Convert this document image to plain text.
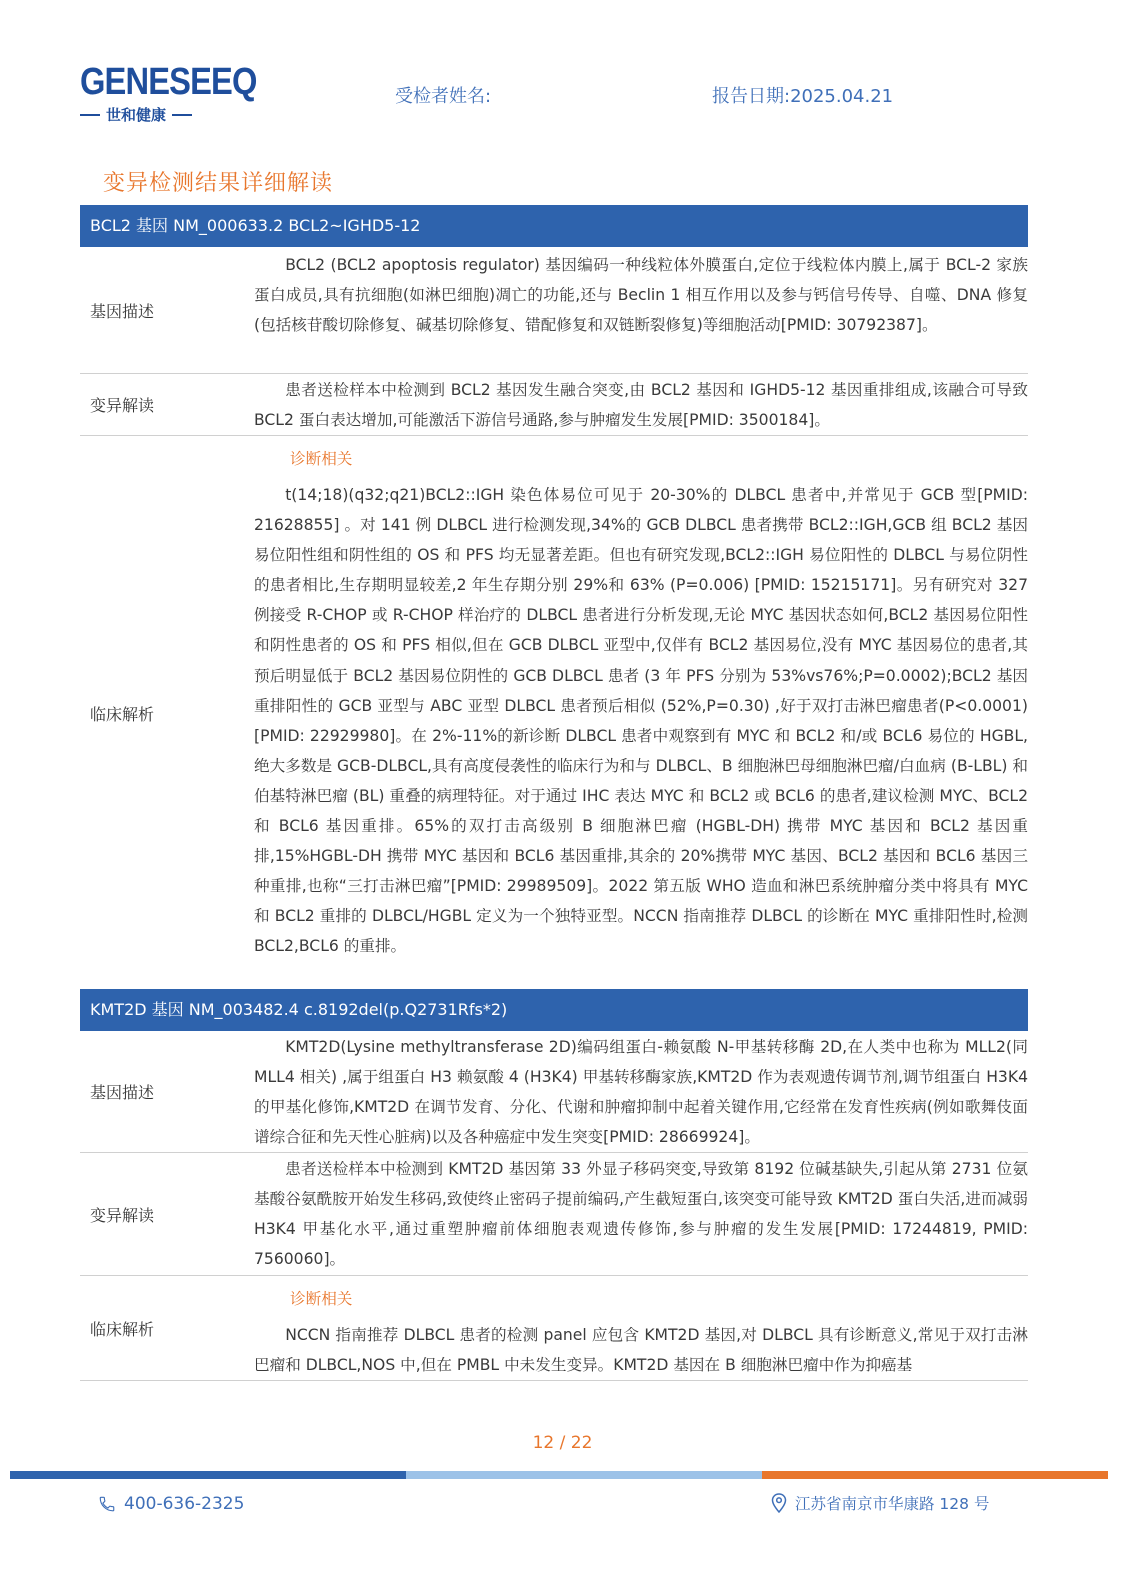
GENESEEQ
世和健康
受检者姓名:	报告日期:2025.04.21
变异检测结果详细解读
BCL2 基因 NM_000633.2 BCL2~IGHD5-12
基因描述

BCL2 (BCL2 apoptosis regulator) 基因编码一种线粒体外膜蛋白,定位于线粒体内膜上,属于 BCL-2 家族蛋白成员,具有抗细胞(如淋巴细胞)凋亡的功能,还与 Beclin 1 相互作用以及参与钙信号传导、自噬、DNA 修复(包括核苷酸切除修复、碱基切除修复、错配修复和双链断裂修复)等细胞活动[PMID: 30792387]。

变异解读

患者送检样本中检测到 BCL2 基因发生融合突变,由 BCL2 基因和 IGHD5-12 基因重排组成,该融合可导致 BCL2 蛋白表达增加,可能激活下游信号通路,参与肿瘤发生发展[PMID: 3500184]。

临床解析
诊断相关

t(14;18)(q32;q21)BCL2::IGH 染色体易位可见于 20-30%的 DLBCL 患者中,并常见于 GCB 型[PMID: 21628855] 。对 141 例 DLBCL 进行检测发现,34%的 GCB DLBCL 患者携带 BCL2::IGH,GCB 组 BCL2 基因易位阳性组和阴性组的 OS 和 PFS 均无显著差距。但也有研究发现,BCL2::IGH 易位阳性的 DLBCL 与易位阴性的患者相比,生存期明显较差,2 年生存期分别 29%和 63% (P=0.006) [PMID: 15215171]。另有研究对 327 例接受 R-CHOP 或 R-CHOP 样治疗的 DLBCL 患者进行分析发现,无论 MYC 基因状态如何,BCL2 基因易位阳性和阴性患者的 OS 和 PFS 相似,但在 GCB DLBCL 亚型中,仅伴有 BCL2 基因易位,没有 MYC 基因易位的患者,其预后明显低于 BCL2 基因易位阴性的 GCB DLBCL 患者 (3 年 PFS 分别为 53%vs76%;P=0.0002);BCL2 基因重排阳性的 GCB 亚型与 ABC 亚型 DLBCL 患者预后相似 (52%,P=0.30) ,好于双打击淋巴瘤患者(P<0.0001)[PMID: 22929980]。在 2%-11%的新诊断 DLBCL 患者中观察到有 MYC 和 BCL2 和/或 BCL6 易位的 HGBL,绝大多数是 GCB-DLBCL,具有高度侵袭性的临床行为和与 DLBCL、B 细胞淋巴母细胞淋巴瘤/白血病 (B-LBL) 和伯基特淋巴瘤 (BL) 重叠的病理特征。对于通过 IHC 表达 MYC 和 BCL2 或 BCL6 的患者,建议检测 MYC、BCL2 和 BCL6 基因重排。65%的双打击高级别 B 细胞淋巴瘤 (HGBL-DH) 携带 MYC 基因和 BCL2 基因重排,15%HGBL-DH 携带 MYC 基因和 BCL6 基因重排,其余的 20%携带 MYC 基因、BCL2 基因和 BCL6 基因三种重排,也称“三打击淋巴瘤”[PMID: 29989509]。2022 第五版 WHO 造血和淋巴系统肿瘤分类中将具有 MYC 和 BCL2 重排的 DLBCL/HGBL 定义为一个独特亚型。NCCN 指南推荐 DLBCL 的诊断在 MYC 重排阳性时,检测 BCL2,BCL6 的重排。

KMT2D 基因 NM_003482.4 c.8192del(p.Q2731Rfs*2)
基因描述

KMT2D(Lysine methyltransferase 2D)编码组蛋白-赖氨酸 N-甲基转移酶 2D,在人类中也称为 MLL2(同 MLL4 相关) ,属于组蛋白 H3 赖氨酸 4 (H3K4) 甲基转移酶家族,KMT2D 作为表观遗传调节剂,调节组蛋白 H3K4 的甲基化修饰,KMT2D 在调节发育、分化、代谢和肿瘤抑制中起着关键作用,它经常在发育性疾病(例如歌舞伎面谱综合征和先天性心脏病)以及各种癌症中发生突变[PMID: 28669924]。

变异解读

患者送检样本中检测到 KMT2D 基因第 33 外显子移码突变,导致第 8192 位碱基缺失,引起从第 2731 位氨基酸谷氨酰胺开始发生移码,致使终止密码子提前编码,产生截短蛋白,该突变可能导致 KMT2D 蛋白失活,进而减弱 H3K4 甲基化水平,通过重塑肿瘤前体细胞表观遗传修饰,参与肿瘤的发生发展[PMID: 17244819, PMID: 7560060]。

临床解析
诊断相关

NCCN 指南推荐 DLBCL 患者的检测 panel 应包含 KMT2D 基因,对 DLBCL 具有诊断意义,常见于双打击淋巴瘤和 DLBCL,NOS 中,但在 PMBL 中未发生变异。KMT2D 基因在 B 细胞淋巴瘤中作为抑癌基

12 / 22
400-636-2325	江苏省南京市华康路 128 号
